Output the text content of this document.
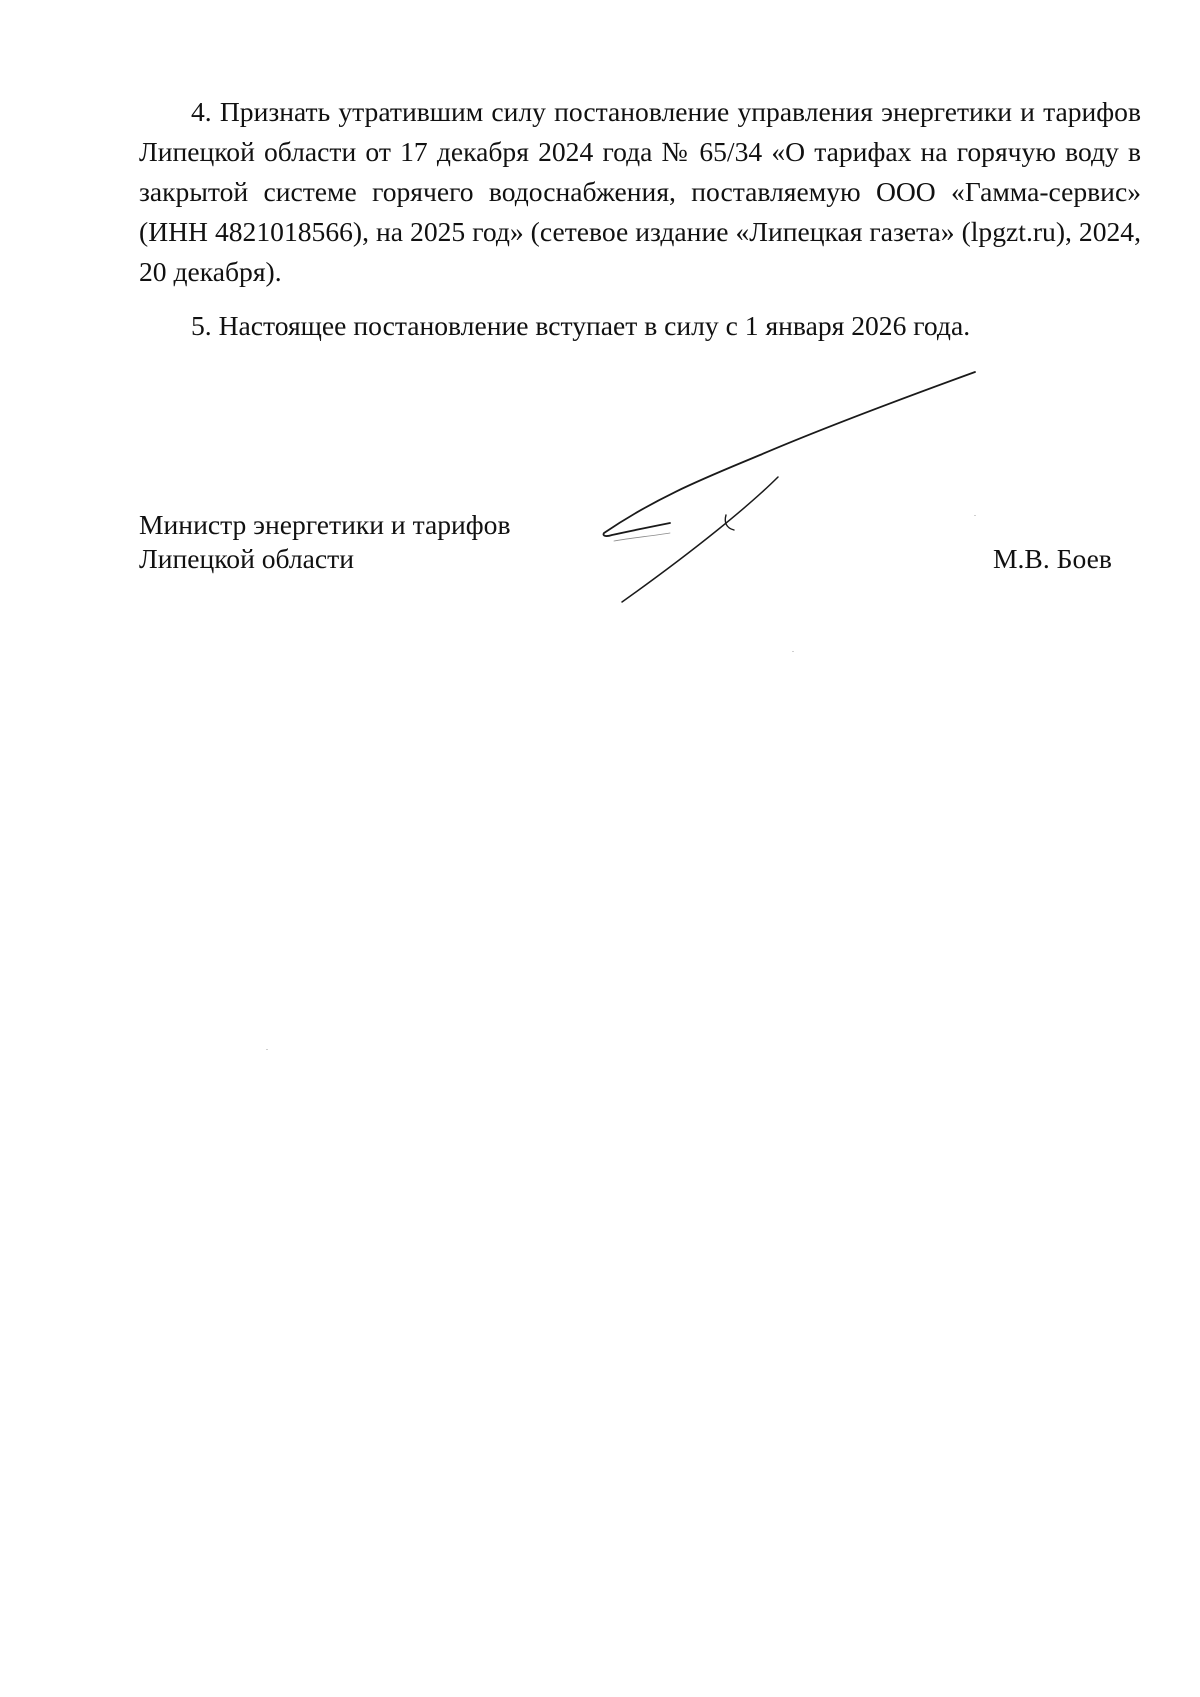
4. Признать утратившим силу постановление управления энергетики и тарифов Липецкой области от 17 декабря 2024 года № 65/34 «О тарифах на горячую воду в закрытой системе горячего водоснабжения, поставляемую ООО «Гамма-сервис» (ИНН 4821018566), на 2025 год» (сетевое издание «Липецкая газета» (lpgzt.ru), 2024, 20 декабря).

5. Настоящее постановление вступает в силу с 1 января 2026 года.

Министр энергетики и тарифов
Липецкой области	М.В. Боев
